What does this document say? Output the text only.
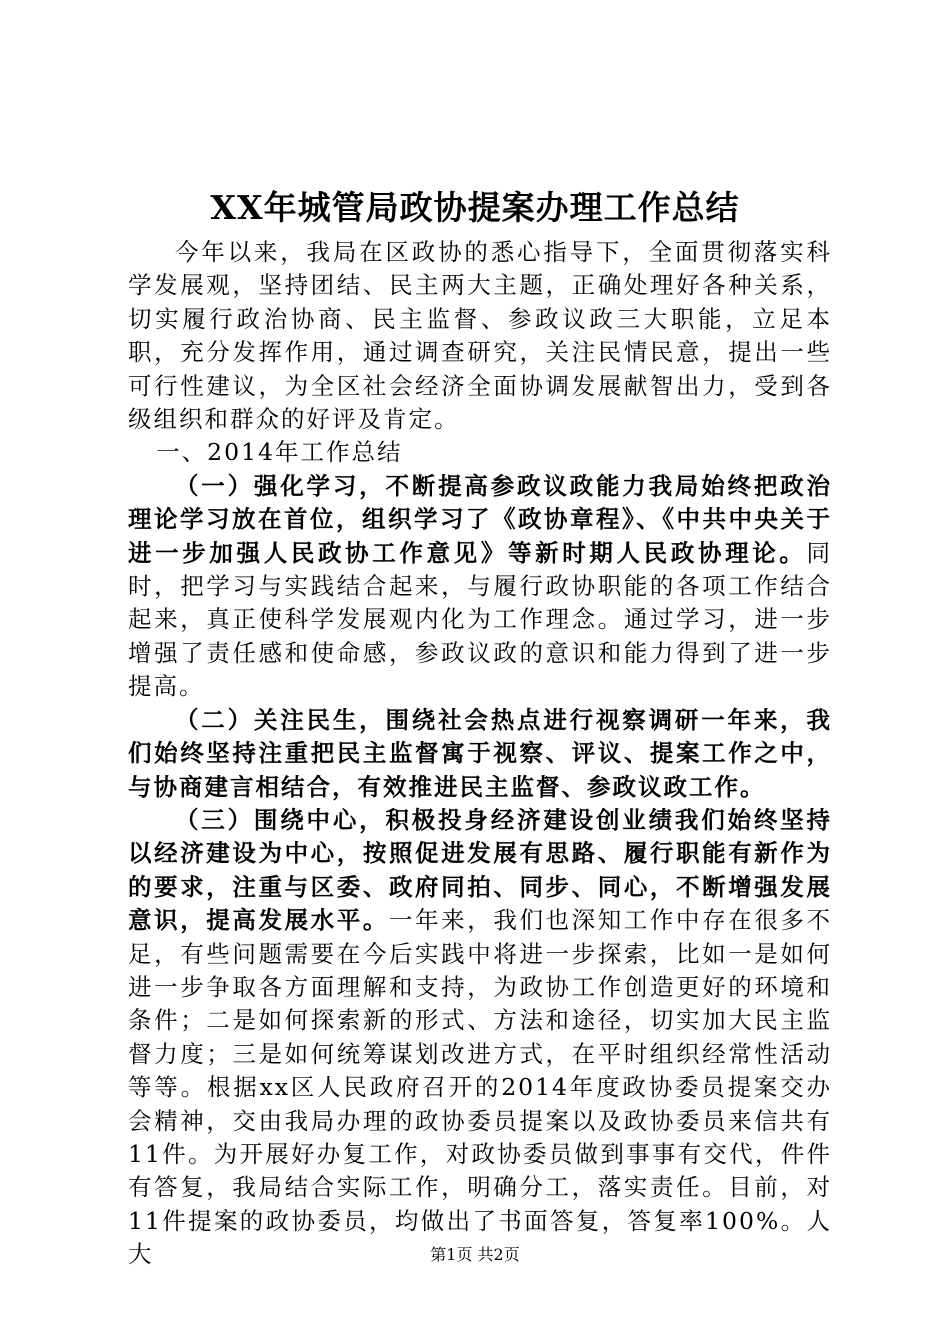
XX年城管局政协提案办理工作总结

今年以来，我局在区政协的悉心指导下，全面贯彻落实科学发展观，坚持团结、民主两大主题，正确处理好各种关系，切实履行政治协商、民主监督、参政议政三大职能，立足本职，充分发挥作用，通过调查研究，关注民情民意，提出一些可行性建议，为全区社会经济全面协调发展献智出力，受到各级组织和群众的好评及肯定。

一、2014年工作总结

（一）强化学习，不断提高参政议政能力我局始终把政治理论学习放在首位，组织学习了《政协章程》、《中共中央关于进一步加强人民政协工作意见》等新时期人民政协理论。同时，把学习与实践结合起来，与履行政协职能的各项工作结合起来，真正使科学发展观内化为工作理念。通过学习，进一步增强了责任感和使命感，参政议政的意识和能力得到了进一步提高。

（二）关注民生，围绕社会热点进行视察调研一年来，我们始终坚持注重把民主监督寓于视察、评议、提案工作之中，与协商建言相结合，有效推进民主监督、参政议政工作。

（三）围绕中心，积极投身经济建设创业绩我们始终坚持以经济建设为中心，按照促进发展有思路、履行职能有新作为的要求，注重与区委、政府同拍、同步、同心，不断增强发展意识，提高发展水平。一年来，我们也深知工作中存在很多不足，有些问题需要在今后实践中将进一步探索，比如一是如何进一步争取各方面理解和支持，为政协工作创造更好的环境和条件；二是如何探索新的形式、方法和途径，切实加大民主监督力度；三是如何统筹谋划改进方式，在平时组织经常性活动等等。根据xx区人民政府召开的2014年度政协委员提案交办会精神，交由我局办理的政协委员提案以及政协委员来信共有11件。为开展好办复工作，对政协委员做到事事有交代，件件有答复，我局结合实际工作，明确分工，落实责任。目前，对11件提案的政协委员，均做出了书面答复，答复率100%。人大	第1页 共2页
